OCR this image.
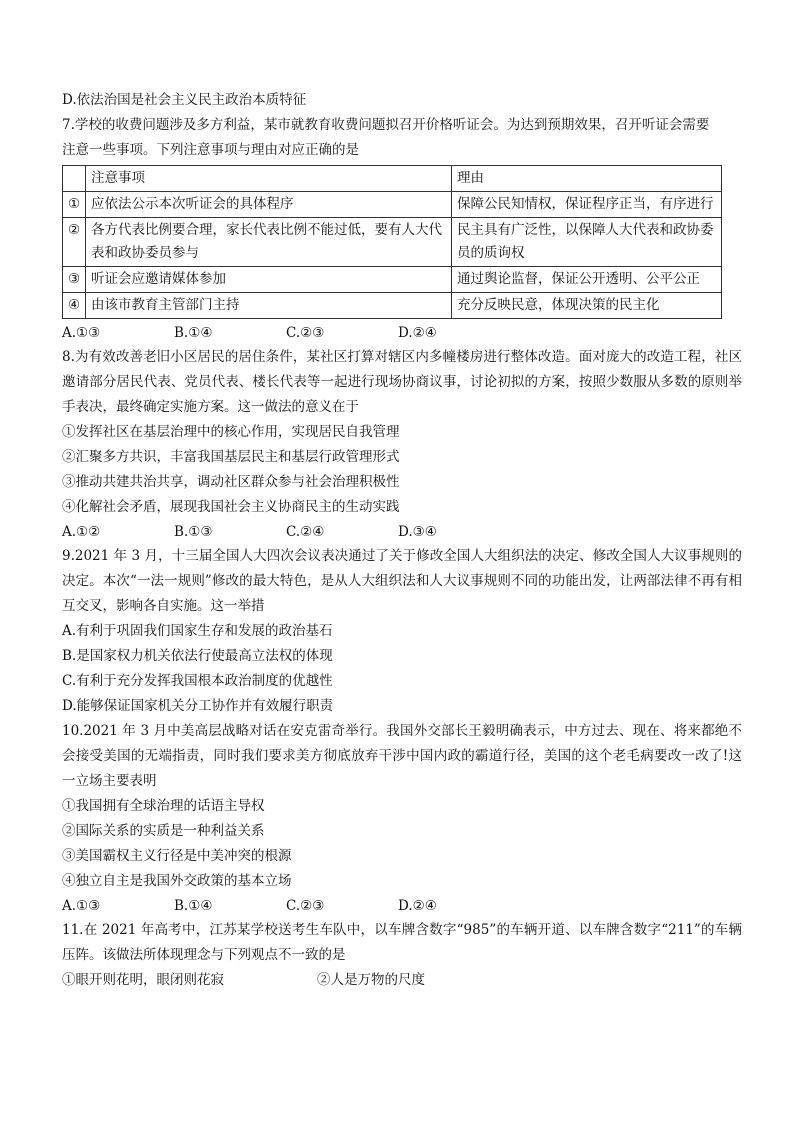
D.依法治国是社会主义民主政治本质特征
7.学校的收费问题涉及多方利益，某市就教育收费问题拟召开价格听证会。为达到预期效果，召开听证会需要
注意一些事项。下列注意事项与理由对应正确的是
	注意事项	理由
①	应依法公示本次听证会的具体程序	保障公民知情权，保证程序正当，有序进行
②	各方代表比例要合理，家长代表比例不能过低，要有人大代表和政协委员参与	民主具有广泛性，以保障人大代表和政协委员的质询权
③	听证会应邀请媒体参加	通过舆论监督，保证公开透明、公平公正
④	由该市教育主管部门主持	充分反映民意，体现决策的民主化
A.①③	B.①④	C.②③	D.②④
8.为有效改善老旧小区居民的居住条件，某社区打算对辖区内多幢楼房进行整体改造。面对庞大的改造工程，社区邀请部分居民代表、党员代表、楼长代表等一起进行现场协商议事，讨论初拟的方案，按照少数服从多数的原则举手表决，最终确定实施方案。这一做法的意义在于
①发挥社区在基层治理中的核心作用，实现居民自我管理
②汇聚多方共识，丰富我国基层民主和基层行政管理形式
③推动共建共治共享，调动社区群众参与社会治理积极性
④化解社会矛盾，展现我国社会主义协商民主的生动实践
A.①②	B.①③	C.②④	D.③④
9.2021 年 3 月，十三届全国人大四次会议表决通过了关于修改全国人大组织法的决定、修改全国人大议事规则的决定。本次“一法一规则”修改的最大特色，是从人大组织法和人大议事规则不同的功能出发，让两部法律不再有相互交叉，影响各自实施。这一举措
A.有利于巩固我们国家生存和发展的政治基石
B.是国家权力机关依法行使最高立法权的体现
C.有利于充分发挥我国根本政治制度的优越性
D.能够保证国家机关分工协作并有效履行职责
10.2021 年 3 月中美高层战略对话在安克雷奇举行。我国外交部长王毅明确表示，中方过去、现在、将来都绝不会接受美国的无端指责，同时我们要求美方彻底放弃干涉中国内政的霸道行径，美国的这个老毛病要改一改了!这一立场主要表明
①我国拥有全球治理的话语主导权
②国际关系的实质是一种利益关系
③美国霸权主义行径是中美冲突的根源
④独立自主是我国外交政策的基本立场
A.①③	B.①④	C.②③	D.②④
11.在 2021 年高考中，江苏某学校送考生车队中，以车牌含数字“985”的车辆开道、以车牌含数字“211”的车辆压阵。该做法所体现理念与下列观点不一致的是
①眼开则花明，眼闭则花寂	②人是万物的尺度
